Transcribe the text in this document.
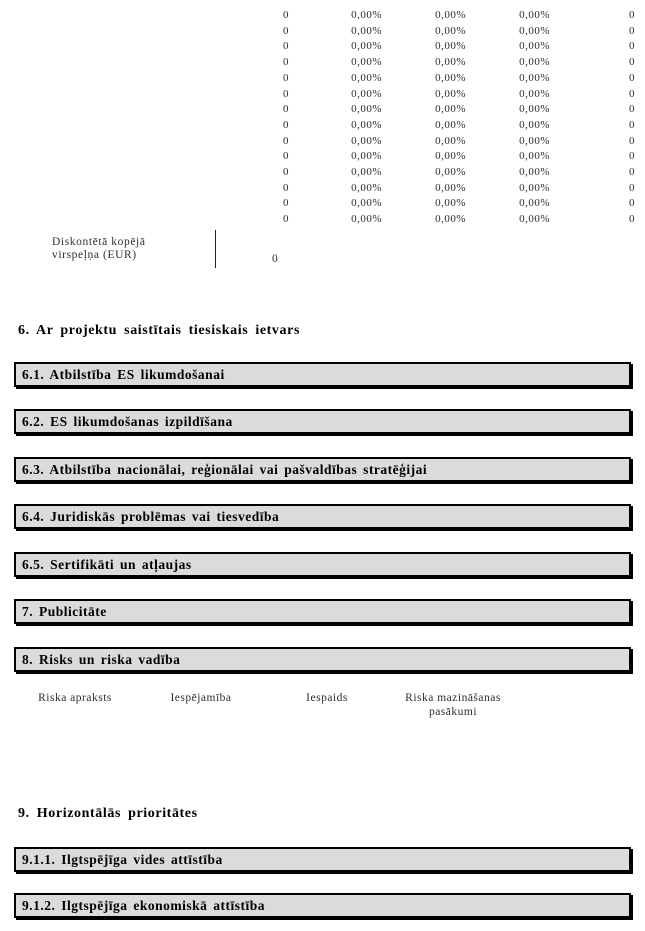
0	0,00%	0,00%	0,00%	0
0	0,00%	0,00%	0,00%	0
0	0,00%	0,00%	0,00%	0
0	0,00%	0,00%	0,00%	0
0	0,00%	0,00%	0,00%	0
0	0,00%	0,00%	0,00%	0
0	0,00%	0,00%	0,00%	0
0	0,00%	0,00%	0,00%	0
0	0,00%	0,00%	0,00%	0
0	0,00%	0,00%	0,00%	0
0	0,00%	0,00%	0,00%	0
0	0,00%	0,00%	0,00%	0
0	0,00%	0,00%	0,00%	0
0	0,00%	0,00%	0,00%	0
Diskontētā kopējā
virspeļņa (EUR)	0
6. Ar projektu saistītais tiesiskais ietvars
6.1. Atbilstība ES likumdošanai
6.2. ES likumdošanas izpildīšana
6.3. Atbilstība nacionālai, reģionālai vai pašvaldības stratēģijai
6.4. Juridiskās problēmas vai tiesvedība
6.5. Sertifikāti un atļaujas
7. Publicitāte
8. Risks un riska vadība
Riska apraksts	Iespējamība	Iespaids	Riska mazināšanas pasākumi
9. Horizontālās prioritātes
9.1.1. Ilgtspējīga vides attīstība
9.1.2. Ilgtspējīga ekonomiskā attīstība
